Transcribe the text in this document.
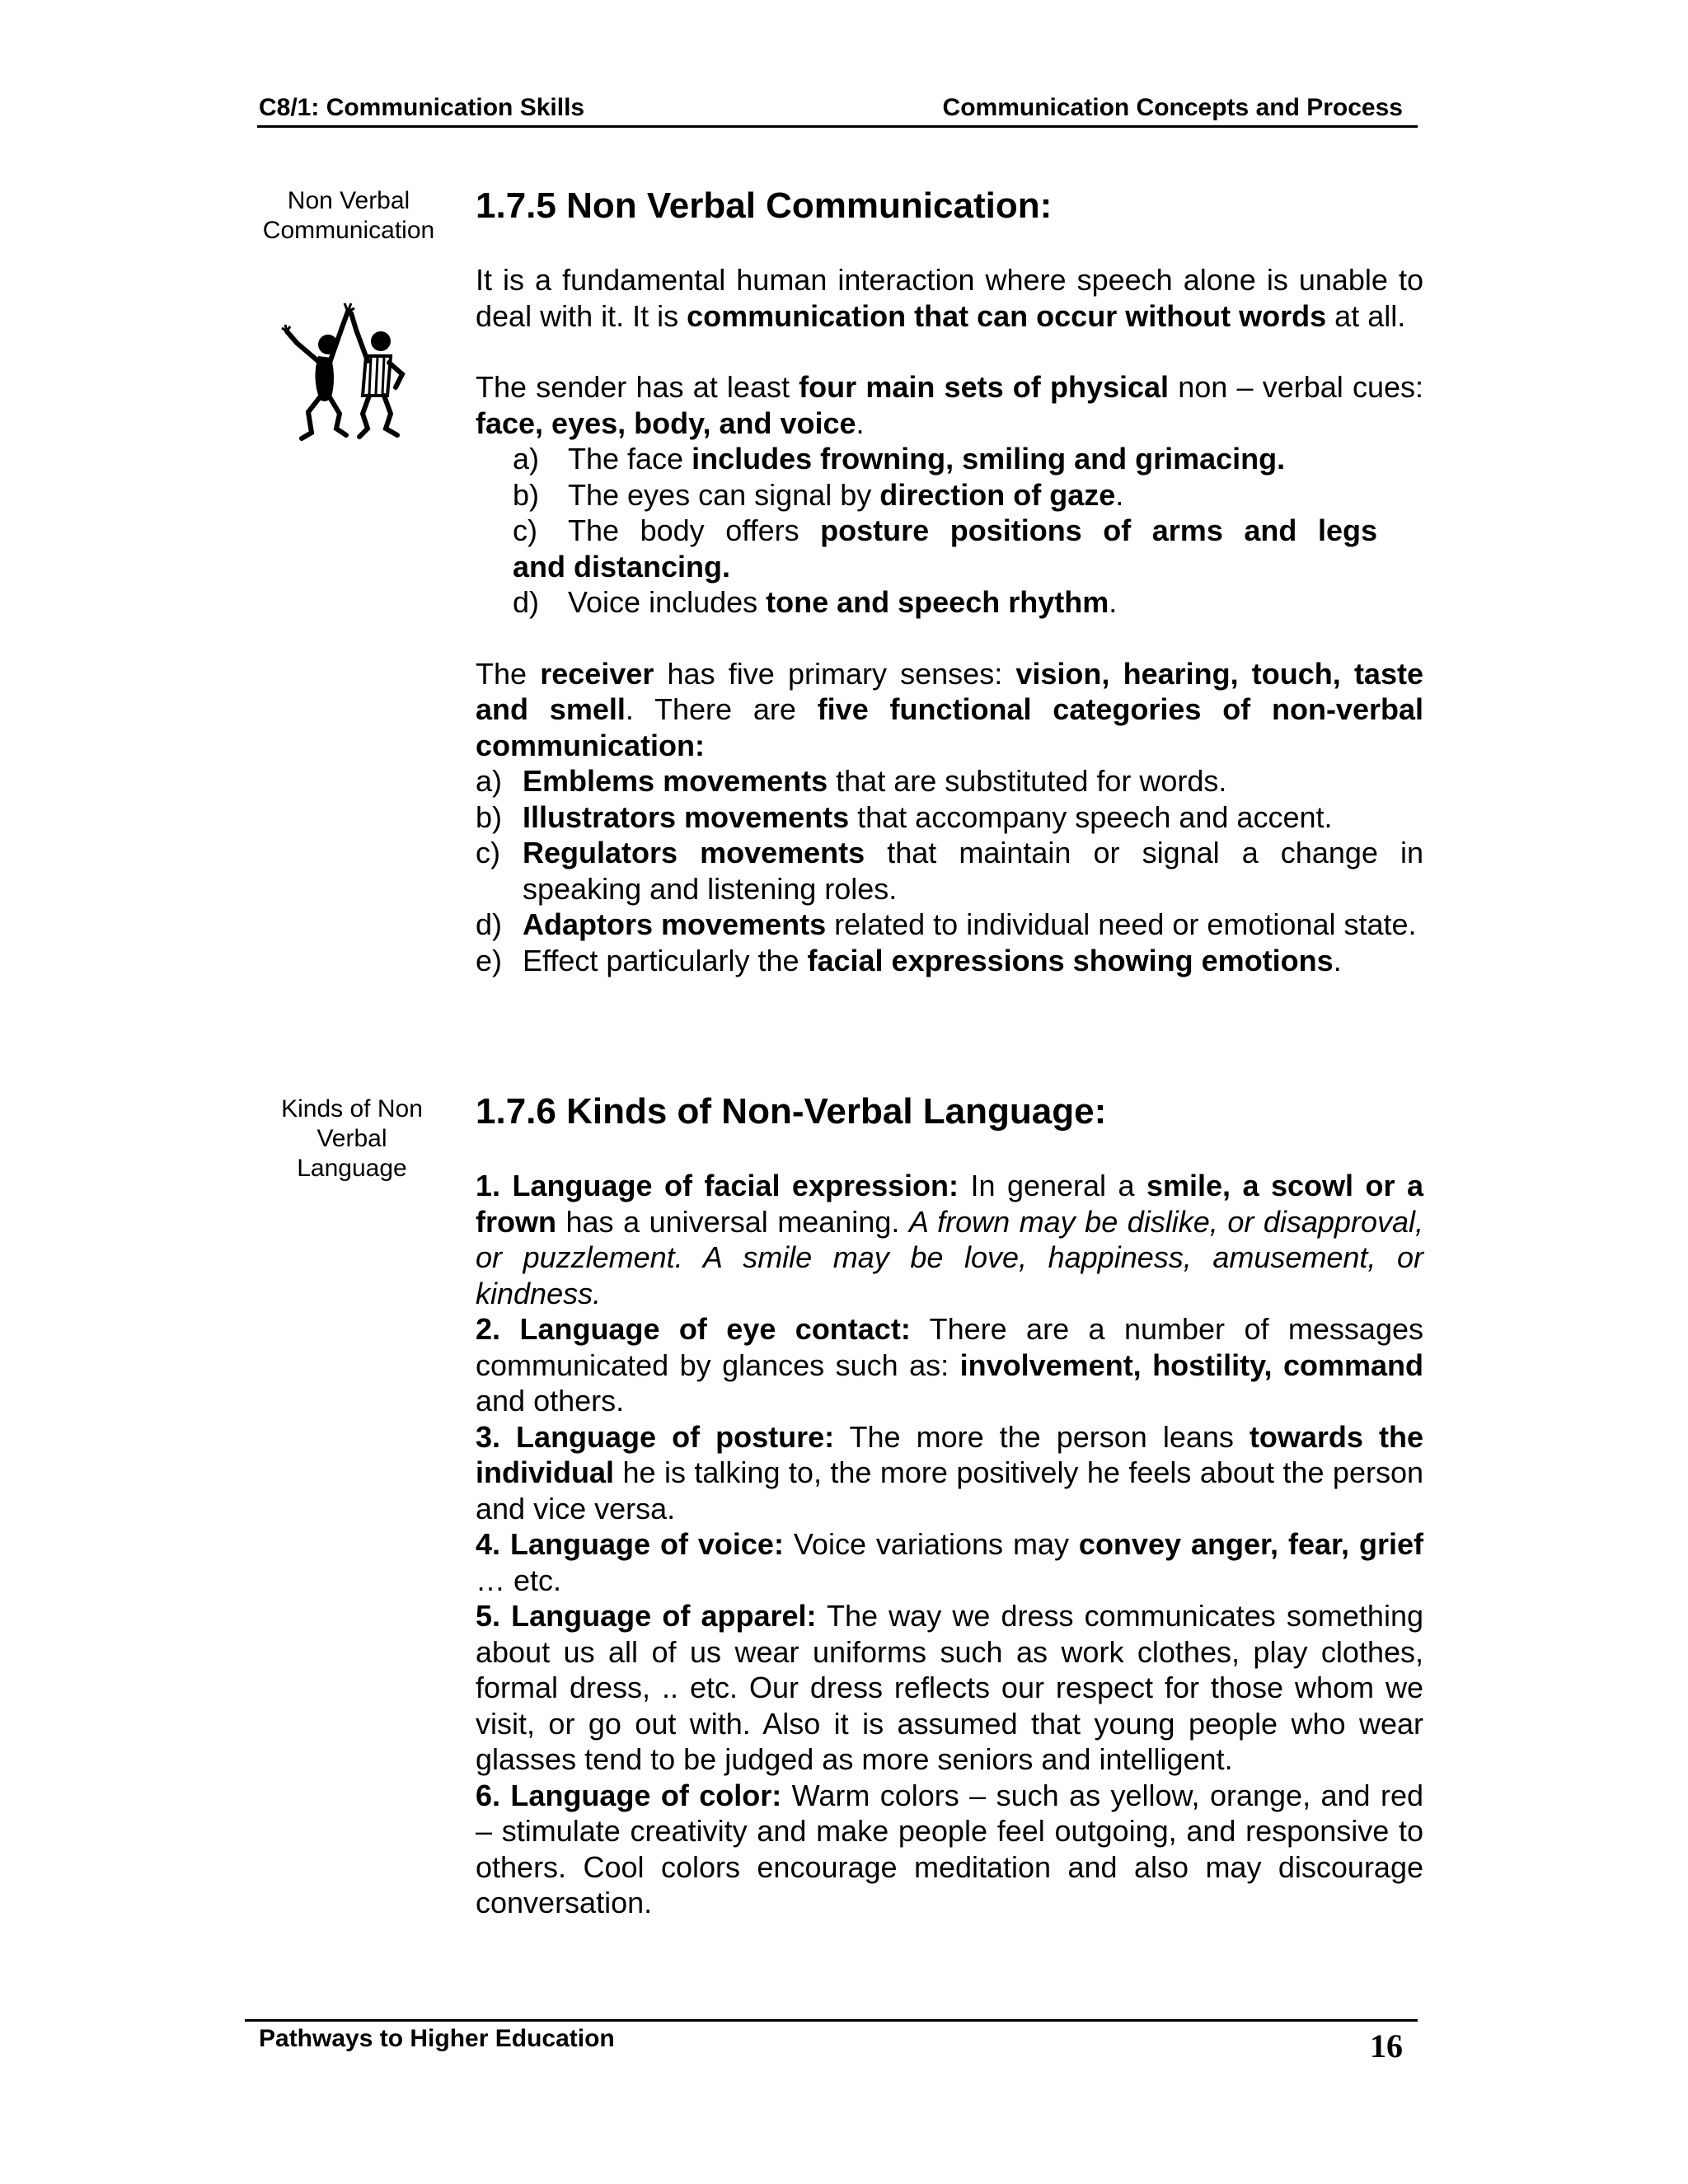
C8/1: Communication Skills	Communication Concepts and Process
Non Verbal
Communication
Kinds of Non
Verbal
Language
1.7.5 Non Verbal Communication:

It is a fundamental human interaction where speech alone is unable to deal with it. It is communication that can occur without words at all.

The sender has at least four main sets of physical non – verbal cues: face, eyes, body, and voice.

a) The face includes frowning, smiling and grimacing.
b) The eyes can signal by direction of gaze.
c)	The body offers posture positions of arms and legs
and distancing.
d) Voice includes tone and speech rhythm.

The receiver has five primary senses: vision, hearing, touch, taste and smell. There are five functional categories of non-verbal communication:

a) Emblems movements that are substituted for words.
b) Illustrators movements that accompany speech and accent.
c) Regulators movements that maintain or signal a change in speaking and listening roles.
d) Adaptors movements related to individual need or emotional state.
e) Effect particularly the facial expressions showing emotions.
1.7.6 Kinds of Non-Verbal Language:

1. Language of facial expression: In general a smile, a scowl or a frown has a universal meaning. A frown may be dislike, or disapproval, or puzzlement. A smile may be love, happiness, amusement, or kindness.

2. Language of eye contact: There are a number of messages communicated by glances such as: involvement, hostility, command and others.

3. Language of posture: The more the person leans towards the individual he is talking to, the more positively he feels about the person and vice versa.

4. Language of voice: Voice variations may convey anger, fear, grief … etc.

5. Language of apparel: The way we dress communicates something about us all of us wear uniforms such as work clothes, play clothes, formal dress, .. etc. Our dress reflects our respect for those whom we visit, or go out with. Also it is assumed that young people who wear glasses tend to be judged as more seniors and intelligent.

6. Language of color: Warm colors – such as yellow, orange, and red – stimulate creativity and make people feel outgoing, and responsive to others. Cool colors encourage meditation and also may discourage conversation.

Pathways to Higher Education	16
